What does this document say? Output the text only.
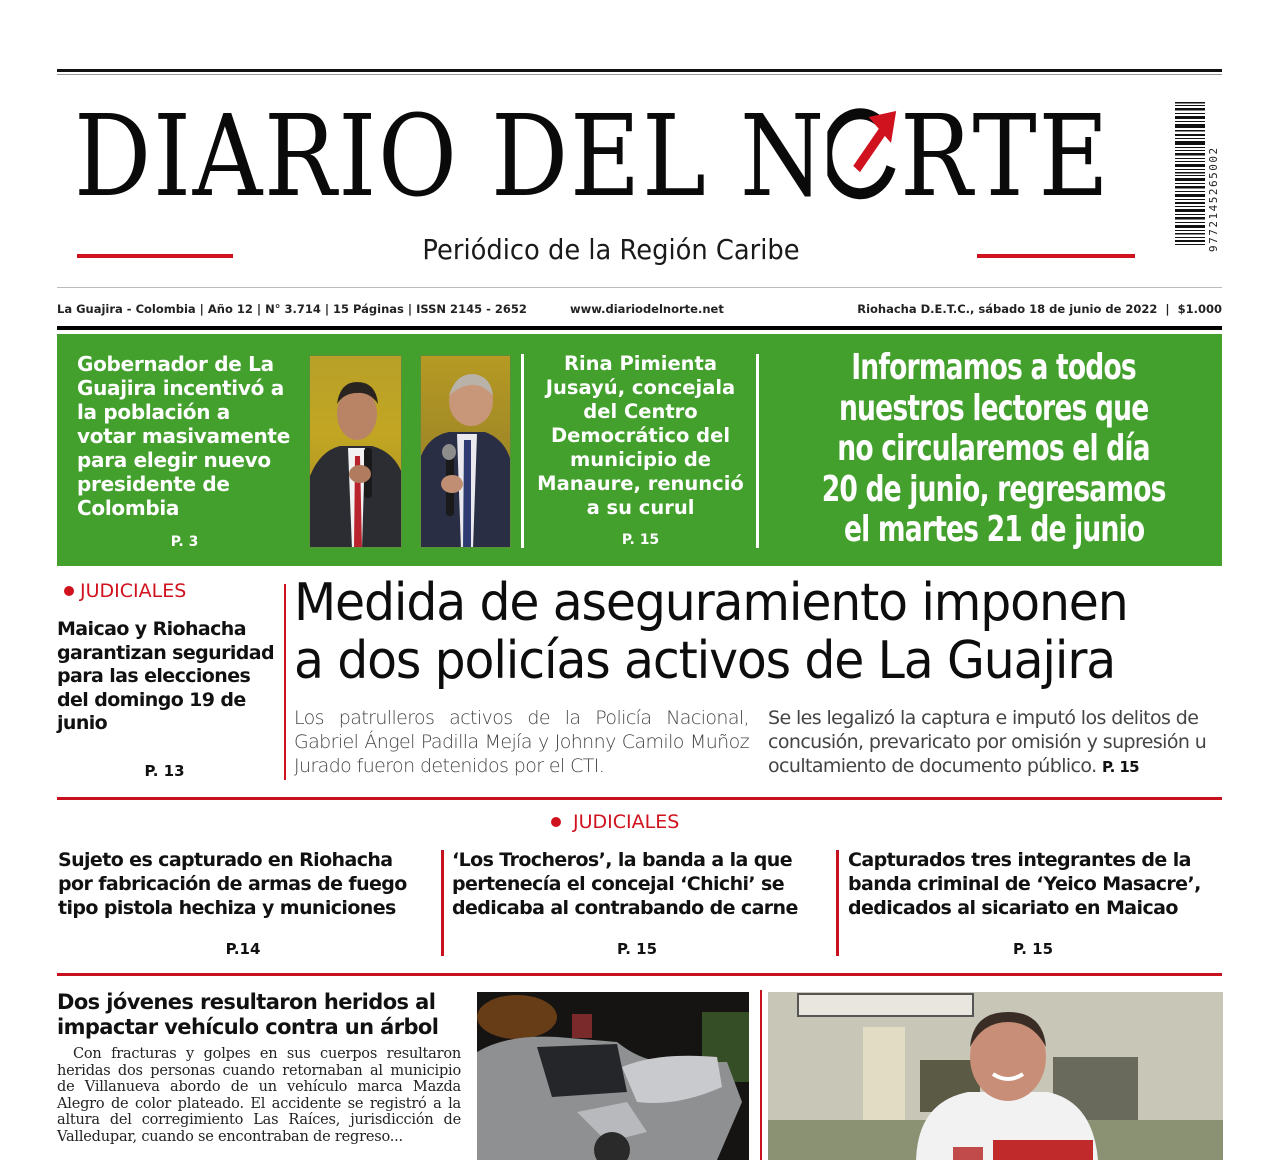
DIARIO DEL N RTE
Periódico de la Región Caribe	9772145265002
La Guajira - Colombia | Año 12 | N° 3.714 | 15 Páginas | ISSN 2145 - 2652	www.diariodelnorte.net	Riohacha D.E.T.C., sábado 18 de junio de 2022  |  $1.000
Gobernador de La Guajira incentivó a la población a votar masivamente para elegir nuevo presidente de Colombia
P. 3
Rina Pimienta Jusayú, concejala del Centro Democrático del municipio de Manaure, renunció a su curul
P. 15
Informamos a todos
nuestros lectores que
no circularemos el día
20 de junio, regresamos
el martes 21 de junio
JUDICIALES
Maicao y Riohacha garantizan seguridad para las elecciones del domingo 19 de junio
P. 13
Medida de aseguramiento imponen
a dos policías activos de La Guajira
Los patrulleros activos de la Policía Nacional, Gabriel Ángel Padilla Mejía y Johnny Camilo Muñoz Jurado fueron detenidos por el CTI.
Se les legalizó la captura e imputó los delitos de concusión, prevaricato por omisión y supresión u ocultamiento de documento público. P. 15
JUDICIALES
Sujeto es capturado en Riohacha por fabricación de armas de fuego tipo pistola hechiza y municiones
P.14
‘Los Trocheros’, la banda a la que pertenecía el concejal ‘Chichi’ se dedicaba al contrabando de carne
P. 15
Capturados tres integrantes de la banda criminal de ‘Yeico Masacre’, dedicados al sicariato en Maicao
P. 15
Dos jóvenes resultaron heridos al impactar vehículo contra un árbol
Con fracturas y golpes en sus cuerpos resultaron heridas dos personas cuando retornaban al municipio de Villanueva abordo de un vehículo marca Mazda Alegro de color plateado. El accidente se registró a la altura del corregimiento Las Raíces, jurisdicción de Valledupar, cuando se encontraban de regreso...
